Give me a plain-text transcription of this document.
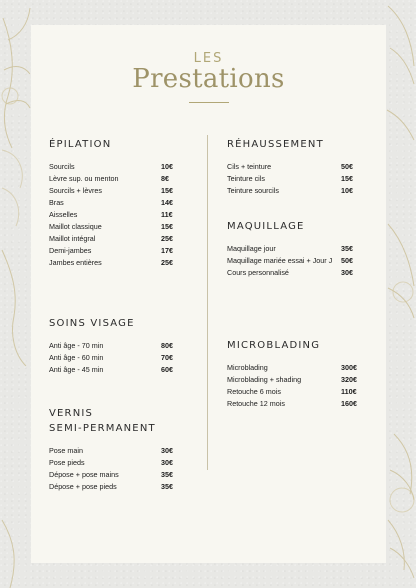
LES
Prestations
ÉPILATION
Sourcils	10€
Lèvre sup. ou menton	8€
Sourcils + lèvres	15€
Bras	14€
Aisselles	11€
Maillot classique	15€
Maillot intégral	25€
Demi-jambes	17€
Jambes entières	25€
SOINS VISAGE
Anti âge - 70 min	80€
Anti âge - 60 min	70€
Anti âge - 45 min	60€
VERNIS
SEMI-PERMANENT
Pose main	30€
Pose pieds	30€
Dépose + pose mains	35€
Dépose + pose pieds	35€
RÉHAUSSEMENT
Cils + teinture	50€
Teinture cils	15€
Teinture sourcils	10€
MAQUILLAGE
Maquillage jour	35€
Maquillage mariée essai + Jour J	50€
Cours personnalisé	30€
MICROBLADING
Microblading	300€
Microblading + shading	320€
Retouche 6 mois	110€
Retouche 12 mois	160€
